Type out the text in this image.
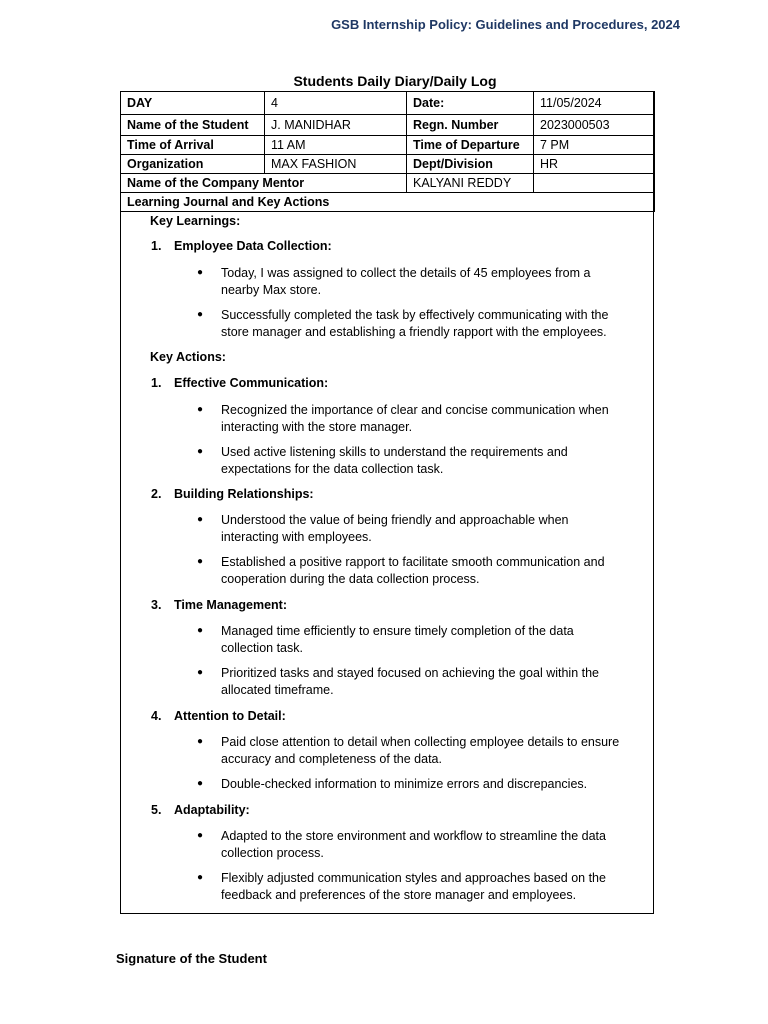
GSB Internship Policy: Guidelines and Procedures, 2024
Students Daily Diary/Daily Log
DAY	4	Date:	11/05/2024
Name of the Student	J. MANIDHAR	Regn. Number	2023000503
Time of Arrival	11 AM	Time of Departure	7 PM
Organization	MAX FASHION	Dept/Division	HR
Name of the Company Mentor		KALYANI REDDY	
Learning Journal and Key Actions			
Key Learnings:
1. Employee Data Collection:
● Today, I was assigned to collect the details of 45 employees from a
nearby Max store.
● Successfully completed the task by effectively communicating with the
store manager and establishing a friendly rapport with the employees.
Key Actions:
1. Effective Communication:
● Recognized the importance of clear and concise communication when
interacting with the store manager.
● Used active listening skills to understand the requirements and
expectations for the data collection task.
2. Building Relationships:
● Understood the value of being friendly and approachable when
interacting with employees.
● Established a positive rapport to facilitate smooth communication and
cooperation during the data collection process.
3. Time Management:
● Managed time efficiently to ensure timely completion of the data
collection task.
● Prioritized tasks and stayed focused on achieving the goal within the
allocated timeframe.
4. Attention to Detail:
● Paid close attention to detail when collecting employee details to ensure
accuracy and completeness of the data.
● Double-checked information to minimize errors and discrepancies.
5. Adaptability:
● Adapted to the store environment and workflow to streamline the data
collection process.
● Flexibly adjusted communication styles and approaches based on the
feedback and preferences of the store manager and employees.
Signature of the Student
